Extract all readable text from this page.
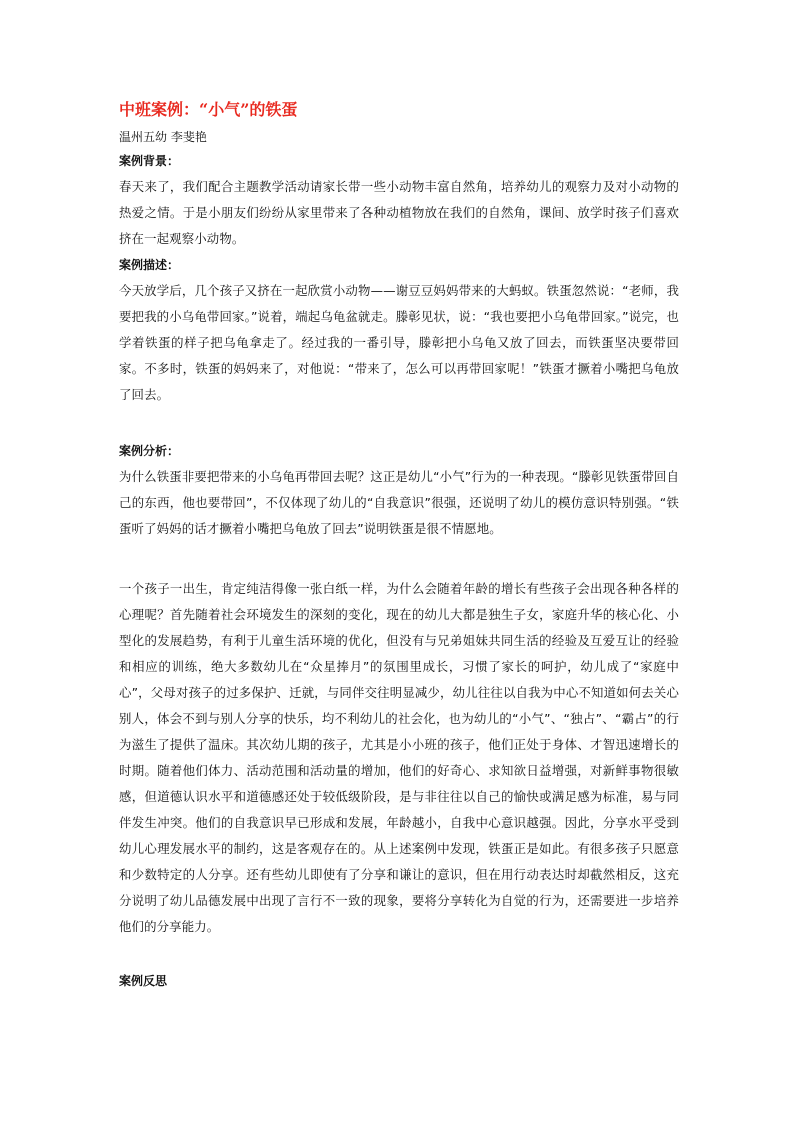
中班案例：“小气”的铁蛋

温州五幼 李斐艳

案例背景：

春天来了，我们配合主题教学活动请家长带一些小动物丰富自然角，培养幼儿的观察力及对小动物的热爱之情。于是小朋友们纷纷从家里带来了各种动植物放在我们的自然角，课间、放学时孩子们喜欢挤在一起观察小动物。

案例描述：

今天放学后，几个孩子又挤在一起欣赏小动物——谢豆豆妈妈带来的大蚂蚁。铁蛋忽然说：“老师，我要把我的小乌龟带回家。”说着，端起乌龟盆就走。滕彰见状，说：“我也要把小乌龟带回家。”说完，也学着铁蛋的样子把乌龟拿走了。经过我的一番引导，滕彰把小乌龟又放了回去，而铁蛋坚决要带回家。不多时，铁蛋的妈妈来了，对他说：“带来了，怎么可以再带回家呢！”铁蛋才撅着小嘴把乌龟放了回去。

案例分析：

为什么铁蛋非要把带来的小乌龟再带回去呢？这正是幼儿“小气”行为的一种表现。“滕彰见铁蛋带回自己的东西，他也要带回”，不仅体现了幼儿的“自我意识”很强，还说明了幼儿的模仿意识特别强。“铁蛋听了妈妈的话才撅着小嘴把乌龟放了回去”说明铁蛋是很不情愿地。

一个孩子一出生，肯定纯洁得像一张白纸一样，为什么会随着年龄的增长有些孩子会出现各种各样的心理呢？首先随着社会环境发生的深刻的变化，现在的幼儿大都是独生子女，家庭升华的核心化、小型化的发展趋势，有利于儿童生活环境的优化，但没有与兄弟姐妹共同生活的经验及互爱互让的经验和相应的训练，绝大多数幼儿在“众星捧月”的氛围里成长，习惯了家长的呵护，幼儿成了“家庭中心”，父母对孩子的过多保护、迁就，与同伴交往明显减少，幼儿往往以自我为中心不知道如何去关心别人，体会不到与别人分享的快乐，均不利幼儿的社会化，也为幼儿的“小气”、“独占”、“霸占”的行为滋生了提供了温床。其次幼儿期的孩子，尤其是小小班的孩子，他们正处于身体、才智迅速增长的时期。随着他们体力、活动范围和活动量的增加，他们的好奇心、求知欲日益增强，对新鲜事物很敏感，但道德认识水平和道德感还处于较低级阶段，是与非往往以自己的愉快或满足感为标准，易与同伴发生冲突。他们的自我意识早已形成和发展，年龄越小，自我中心意识越强。因此，分享水平受到幼儿心理发展水平的制约，这是客观存在的。从上述案例中发现，铁蛋正是如此。有很多孩子只愿意和少数特定的人分享。还有些幼儿即使有了分享和谦让的意识，但在用行动表达时却截然相反，这充分说明了幼儿品德发展中出现了言行不一致的现象，要将分享转化为自觉的行为，还需要进一步培养他们的分享能力。

案例反思
